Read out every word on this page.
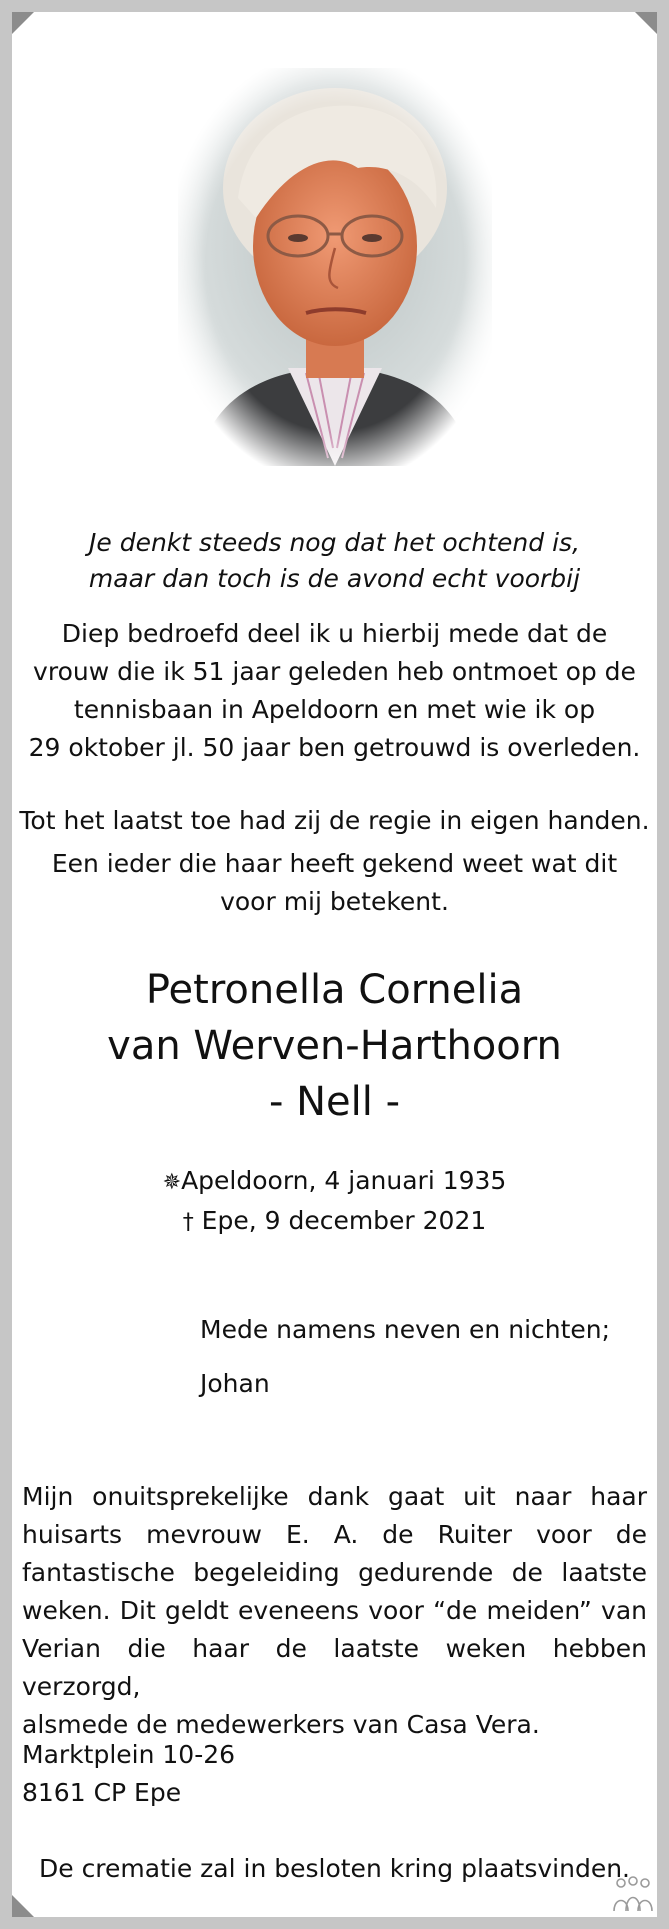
Je denkt steeds nog dat het ochtend is,
maar dan toch is de avond echt voorbij
Diep bedroefd deel ik u hierbij mede dat de
vrouw die ik 51 jaar geleden heb ontmoet op de
tennisbaan in Apeldoorn en met wie ik op
29 oktober jl. 50 jaar ben getrouwd is overleden.
Tot het laatst toe had zij de regie in eigen handen.
Een ieder die haar heeft gekend weet wat dit
voor mij betekent.
Petronella Cornelia
van Werven-Harthoorn
- Nell -
✵Apeldoorn, 4 januari 1935
† Epe, 9 december 2021
Mede namens neven en nichten;
Johan
Mijn onuitsprekelijke dank gaat uit naar haar
huisarts mevrouw E. A. de Ruiter voor de
fantastische begeleiding gedurende de laatste
weken. Dit geldt eveneens voor “de meiden” van
Verian die haar de laatste weken hebben verzorgd,
alsmede de medewerkers van Casa Vera.
Marktplein 10-26
8161 CP Epe
De crematie zal in besloten kring plaatsvinden.
